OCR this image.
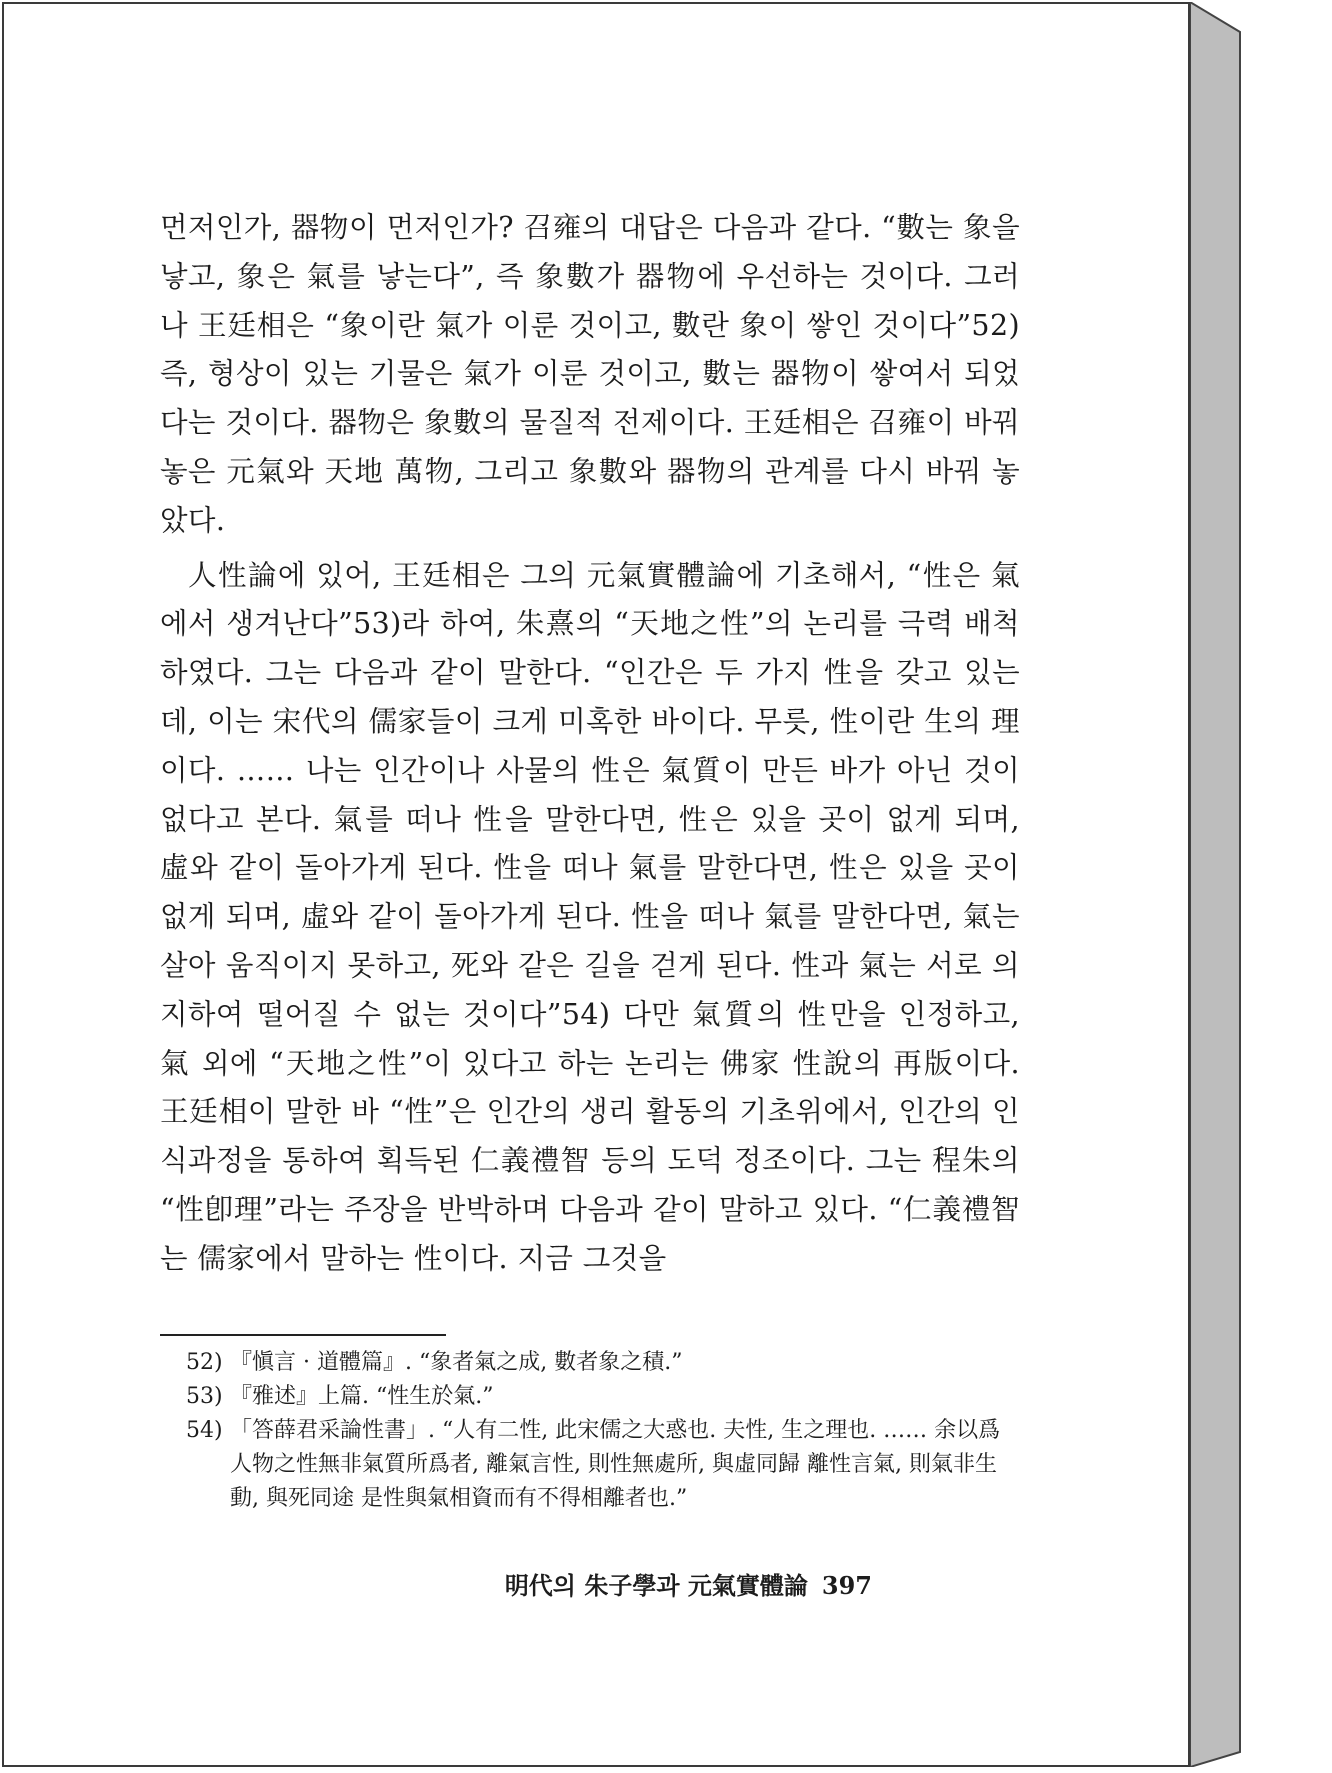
먼저인가, 器物이 먼저인가? 召雍의 대답은 다음과 같다. “數는 象을 낳고, 象은 氣를 낳는다”, 즉 象數가 器物에 우선하는 것이다. 그러나 王廷相은 “象이란 氣가 이룬 것이고, 數란 象이 쌓인 것이다”52) 즉, 형상이 있는 기물은 氣가 이룬 것이고, 數는 器物이 쌓여서 되었다는 것이다. 器物은 象數의 물질적 전제이다. 王廷相은 召雍이 바꿔놓은 元氣와 天地 萬物, 그리고 象數와 器物의 관계를 다시 바꿔 놓았다.

人性論에 있어, 王廷相은 그의 元氣實體論에 기초해서, “性은 氣에서 생겨난다”53)라 하여, 朱熹의 “天地之性”의 논리를 극력 배척하였다. 그는 다음과 같이 말한다. “인간은 두 가지 性을 갖고 있는데, 이는 宋代의 儒家들이 크게 미혹한 바이다. 무릇, 性이란 生의 理이다. …… 나는 인간이나 사물의 性은 氣質이 만든 바가 아닌 것이 없다고 본다. 氣를 떠나 性을 말한다면, 性은 있을 곳이 없게 되며, 虛와 같이 돌아가게 된다. 性을 떠나 氣를 말한다면, 性은 있을 곳이 없게 되며, 虛와 같이 돌아가게 된다. 性을 떠나 氣를 말한다면, 氣는 살아 움직이지 못하고, 死와 같은 길을 걷게 된다. 性과 氣는 서로 의지하여 떨어질 수 없는 것이다”54) 다만 氣質의 性만을 인정하고, 氣 외에 “天地之性”이 있다고 하는 논리는 佛家 性說의 再版이다. 王廷相이 말한 바 “性”은 인간의 생리 활동의 기초위에서, 인간의 인식과정을 통하여 획득된 仁義禮智 등의 도덕 정조이다. 그는 程朱의 “性卽理”라는 주장을 반박하며 다음과 같이 말하고 있다. “仁義禮智는 儒家에서 말하는 性이다. 지금 그것을

52) 『愼言 · 道體篇』. “象者氣之成, 數者象之積.”

53) 『雅述』上篇. “性生於氣.”

54) 「答薛君采論性書」. “人有二性, 此宋儒之大惑也. 夫性, 生之理也. …… 余以爲人物之性無非氣質所爲者, 離氣言性, 則性無處所, 與虛同歸 離性言氣, 則氣非生動, 與死同途 是性與氣相資而有不得相離者也.”

明代의 朱子學과 元氣實體論 397
